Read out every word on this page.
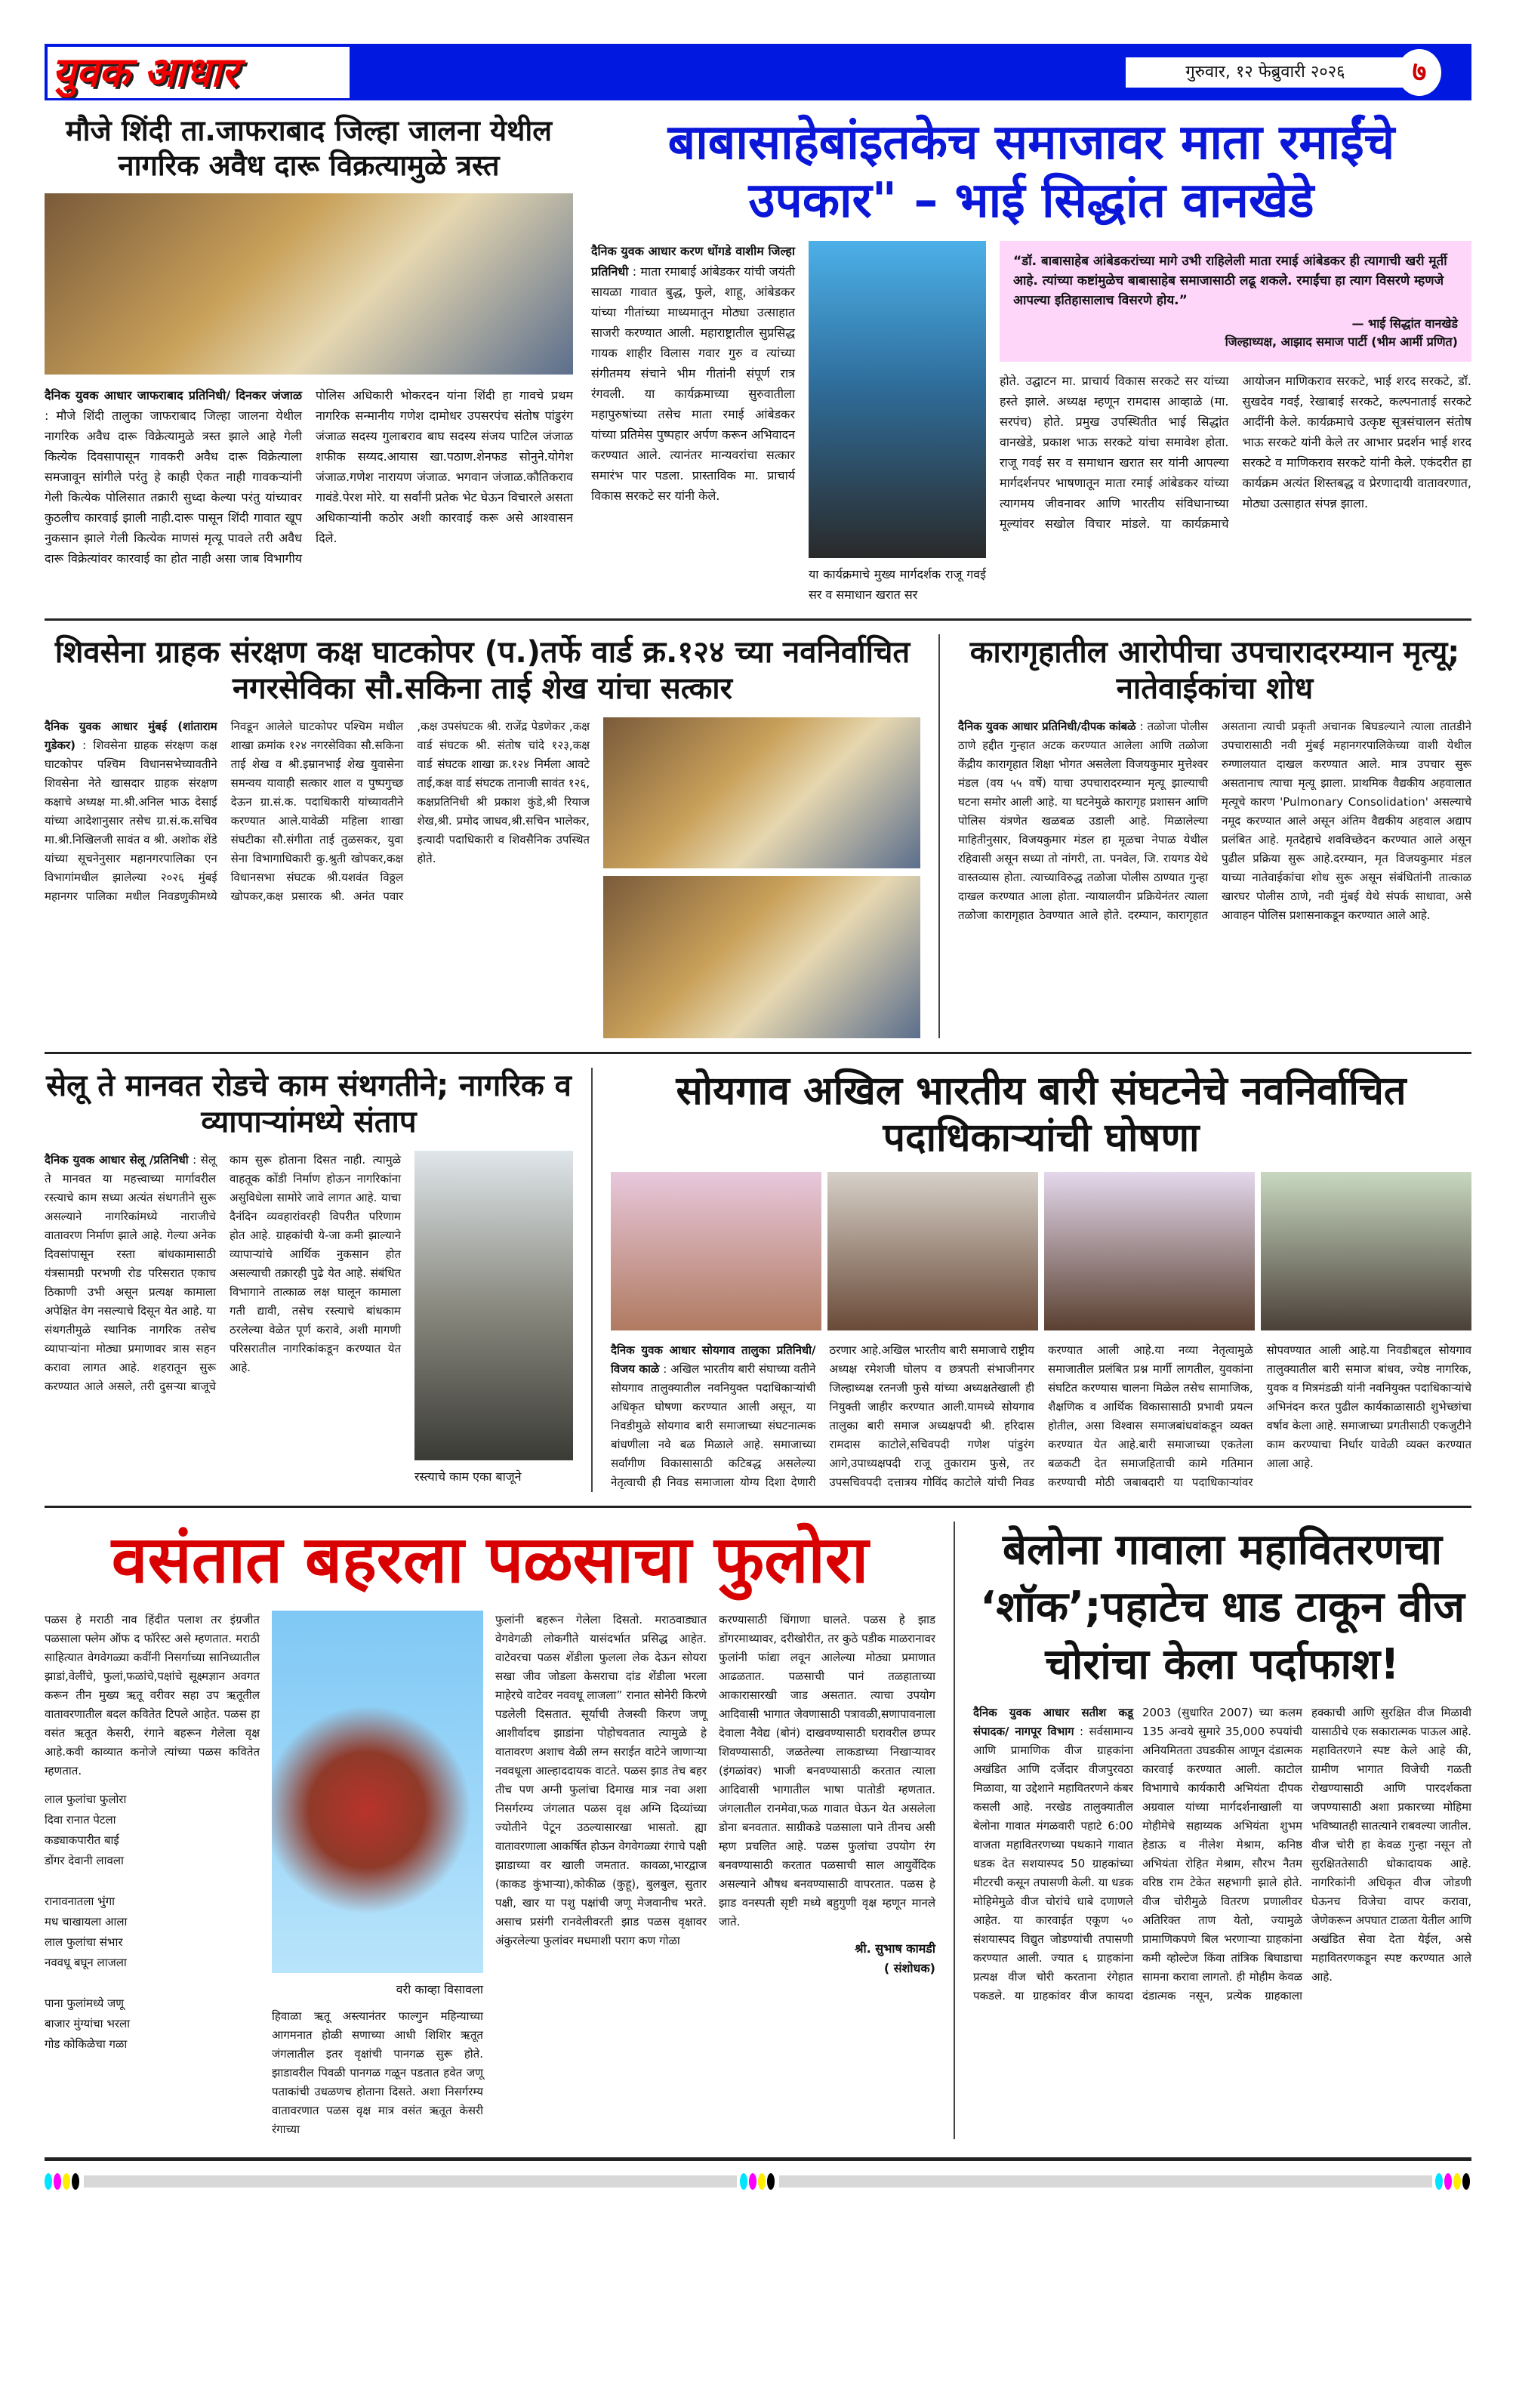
युवक आधार	गुरुवार, १२ फेब्रुवारी २०२६	७
मौजे शिंदी ता.जाफराबाद जिल्हा जालना येथील नागरिक अवैध दारू विक्रत्यामुळे त्रस्त
दैनिक युवक आधार जाफराबाद प्रतिनिधी/ दिनकर जंजाळ : मौजे शिंदी तालुका जाफराबाद जिल्हा जालना येथील नागरिक अवैध दारू विक्रेत्यामुळे त्रस्त झाले आहे गेली कित्येक दिवसापासून गावकरी अवैध दारू विक्रेत्याला समजावून सांगीले परंतु हे काही ऐकत नाही गावकऱ्यांनी गेली कित्येक पोलिसात तक्रारी सुध्दा केल्या परंतु यांच्यावर कुठलीच कारवाई झाली नाही.दारू पासून शिंदी गावात खूप नुकसान झाले गेली कित्येक माणसं मृत्यू पावले तरी अवैध दारू विक्रेत्यांवर कारवाई का होत नाही असा जाब विभागीय पोलिस अधिकारी भोकरदन यांना शिंदी हा गावचे प्रथम नागरिक सन्मानीय गणेश दामोधर उपसरपंच संतोष पांडुरंग जंजाळ सदस्य गुलाबराव बाघ सदस्य संजय पाटिल जंजाळ शफीक सय्यद.आयास खा.पठाण.शेनफड सोनुने.योगेश जंजाळ.गणेश नारायण जंजाळ. भगवान जंजाळ.कौतिकराव गावंडे.पेरश मोरे. या सर्वांनी प्रतेक भेट घेऊन विचारले असता अधिकाऱ्यांनी कठोर अशी कारवाई करू असे आश्वासन दिले.
बाबासाहेबांइतकेच समाजावर माता रमाईंचे उपकार" – भाई सिद्धांत वानखेडे
दैनिक युवक आधार करण धोंगडे वाशीम जिल्हा प्रतिनिधी : माता रमाबाई आंबेडकर यांची जयंती सायळा गावात बुद्ध, फुले, शाहू, आंबेडकर यांच्या गीतांच्या माध्यमातून मोठ्या उत्साहात साजरी करण्यात आली. महाराष्ट्रातील सुप्रसिद्ध गायक शाहीर विलास गवार गुरु व त्यांच्या संगीतमय संचाने भीम गीतांनी संपूर्ण रात्र रंगवली. या कार्यक्रमाच्या सुरुवातीला महापुरुषांच्या तसेच माता रमाई आंबेडकर यांच्या प्रतिमेस पुष्पहार अर्पण करून अभिवादन करण्यात आले. त्यानंतर मान्यवरांचा सत्कार समारंभ पार पडला. प्रास्ताविक मा. प्राचार्य विकास सरकटे सर यांनी केले.
या कार्यक्रमाचे मुख्य मार्गदर्शक राजू गवई सर व समाधान खरात सर
“डॉ. बाबासाहेब आंबेडकरांच्या मागे उभी राहिलेली माता रमाई आंबेडकर ही त्यागाची खरी मूर्ती आहे. त्यांच्या कष्टांमुळेच बाबासाहेब समाजासाठी लढू शकले. रमाईंचा हा त्याग विसरणे म्हणजे आपल्या इतिहासालाच विसरणे होय.”
— भाई सिद्धांत वानखेडे
जिल्हाध्यक्ष, आझाद समाज पार्टी (भीम आर्मी प्रणित)
होते. उद्घाटन मा. प्राचार्य विकास सरकटे सर यांच्या हस्ते झाले. अध्यक्ष म्हणून रामदास आव्हाळे (मा. सरपंच) होते. प्रमुख उपस्थितीत भाई सिद्धांत वानखेडे, प्रकाश भाऊ सरकटे यांचा समावेश होता. राजू गवई सर व समाधान खरात सर यांनी आपल्या मार्गदर्शनपर भाषणातून माता रमाई आंबेडकर यांच्या त्यागमय जीवनावर आणि भारतीय संविधानाच्या मूल्यांवर सखोल विचार मांडले. या कार्यक्रमाचे आयोजन माणिकराव सरकटे, भाई शरद सरकटे, डॉ. सुखदेव गवई, रेखाबाई सरकटे, कल्पनाताई सरकटे आदींनी केले. कार्यक्रमाचे उत्कृष्ट सूत्रसंचालन संतोष भाऊ सरकटे यांनी केले तर आभार प्रदर्शन भाई शरद सरकटे व माणिकराव सरकटे यांनी केले. एकंदरीत हा कार्यक्रम अत्यंत शिस्तबद्ध व प्रेरणादायी वातावरणात, मोठ्या उत्साहात संपन्न झाला.
शिवसेना ग्राहक संरक्षण कक्ष घाटकोपर (प.)तर्फे वार्ड क्र.१२४ च्या नवनिर्वाचित नगरसेविका सौ.सकिना ताई शेख यांचा सत्कार
दैनिक युवक आधार मुंबई (शांताराम गुडेकर) : शिवसेना ग्राहक संरक्षण कक्ष घाटकोपर पश्चिम विधानसभेच्यावतीने शिवसेना नेते खासदार ग्राहक संरक्षण कक्षाचे अध्यक्ष मा.श्री.अनिल भाऊ देसाई यांच्या आदेशानुसार तसेच ग्रा.सं.क.सचिव मा.श्री.निखिलजी सावंत व श्री. अशोक शेंडे यांच्या सूचनेनुसार महानगरपालिका एन विभागांमधील झालेल्या २०२६ मुंबई महानगर पालिका मधील निवडणुकीमध्ये निवडून आलेले घाटकोपर पश्चिम मधील शाखा क्रमांक १२४ नगरसेविका सौ.सकिना ताई शेख व श्री.इम्रानभाई शेख युवासेना समन्वय यावाही सत्कार शाल व पुष्पगुच्छ देऊन ग्रा.सं.क. पदाधिकारी यांच्यावतीने करण्यात आले.यावेळी महिला शाखा संघटीका सौ.संगीता ताई तुळसकर, युवा सेना विभागाधिकारी कु.श्रुती खोपकर,कक्ष विधानसभा संघटक श्री.यशवंत विठ्ठल खोपकर,कक्ष प्रसारक श्री. अनंत पवार ,कक्ष उपसंघटक श्री. राजेंद्र पेडणेकर ,कक्ष वार्ड संघटक श्री. संतोष चांदे १२३,कक्ष वार्ड संघटक शाखा क्र.१२४ निर्मला आवटे ताई,कक्ष वार्ड संघटक तानाजी सावंत १२६, कक्षप्रतिनिधी श्री प्रकाश कुंडे,श्री रियाज शेख,श्री. प्रमोद जाधव,श्री.सचिन भालेकर, इत्यादी पदाधिकारी व शिवसैनिक उपस्थित होते.
कारागृहातील आरोपीचा उपचारादरम्यान मृत्यू; नातेवाईकांचा शोध
दैनिक युवक आधार प्रतिनिधी/दीपक कांबळे : तळोजा पोलीस ठाणे हद्दीत गुन्हात अटक करण्यात आलेला आणि तळोजा केंद्रीय कारागृहात शिक्षा भोगत असलेला विजयकुमार मुत्तेश्वर मंडल (वय ५५ वर्षे) याचा उपचारादरम्यान मृत्यू झाल्याची घटना समोर आली आहे. या घटनेमुळे कारागृह प्रशासन आणि पोलिस यंत्रणेत खळबळ उडाली आहे. मिळालेल्या माहितीनुसार, विजयकुमार मंडल हा मूळचा नेपाळ येथील रहिवासी असून सध्या तो नांगरी, ता. पनवेल, जि. रायगड येथे वास्तव्यास होता. त्याच्याविरुद्ध तळोजा पोलीस ठाण्यात गुन्हा दाखल करण्यात आला होता. न्यायालयीन प्रक्रियेनंतर त्याला तळोजा कारागृहात ठेवण्यात आले होते. दरम्यान, कारागृहात असताना त्याची प्रकृती अचानक बिघडल्याने त्याला तातडीने उपचारासाठी नवी मुंबई महानगरपालिकेच्या वाशी येथील रुग्णालयात दाखल करण्यात आले. मात्र उपचार सुरू असतानाच त्याचा मृत्यू झाला. प्राथमिक वैद्यकीय अहवालात मृत्यूचे कारण 'Pulmonary Consolidation' असल्याचे नमूद करण्यात आले असून अंतिम वैद्यकीय अहवाल अद्याप प्रलंबित आहे. मृतदेहाचे शवविच्छेदन करण्यात आले असून पुढील प्रक्रिया सुरू आहे.दरम्यान, मृत विजयकुमार मंडल याच्या नातेवाईकांचा शोध सुरू असून संबंधितांनी तात्काळ खारघर पोलीस ठाणे, नवी मुंबई येथे संपर्क साधावा, असे आवाहन पोलिस प्रशासनाकडून करण्यात आले आहे.
सेलू ते मानवत रोडचे काम संथगतीने; नागरिक व व्यापाऱ्यांमध्ये संताप
दैनिक युवक आधार सेलू /प्रतिनिधी : सेलू ते मानवत या महत्त्वाच्या मार्गावरील रस्त्याचे काम सध्या अत्यंत संथगतीने सुरू असल्याने नागरिकांमध्ये नाराजीचे वातावरण निर्माण झाले आहे. गेल्या अनेक दिवसांपासून रस्ता बांधकामासाठी यंत्रसामग्री परभणी रोड परिसरात एकाच ठिकाणी उभी असून प्रत्यक्ष कामाला अपेक्षित वेग नसल्याचे दिसून येत आहे. या संथगतीमुळे स्थानिक नागरिक तसेच व्यापाऱ्यांना मोठ्या प्रमाणावर त्रास सहन करावा लागत आहे. शहरातून सुरू करण्यात आले असले, तरी दुसऱ्या बाजूचे काम सुरू होताना दिसत नाही. त्यामुळे वाहतूक कोंडी निर्माण होऊन नागरिकांना असुविधेला सामोरे जावे लागत आहे. याचा दैनंदिन व्यवहारांवरही विपरीत परिणाम होत आहे. ग्राहकांची ये-जा कमी झाल्याने व्यापाऱ्यांचे आर्थिक नुकसान होत असल्याची तक्रारही पुढे येत आहे. संबंधित विभागाने तात्काळ लक्ष घालून कामाला गती द्यावी, तसेच रस्त्याचे बांधकाम ठरलेल्या वेळेत पूर्ण करावे, अशी मागणी परिसरातील नागरिकांकडून करण्यात येत आहे.
रस्त्याचे काम एका बाजूने
सोयगाव अखिल भारतीय बारी संघटनेचे नवनिर्वाचित पदाधिकाऱ्यांची घोषणा
दैनिक युवक आधार सोयगाव तालुका प्रतिनिधी/ विजय काळे : अखिल भारतीय बारी संघाच्या वतीने सोयगाव तालुक्यातील नवनियुक्त पदाधिकाऱ्यांची अधिकृत घोषणा करण्यात आली असून, या निवडीमुळे सोयगाव बारी समाजाच्या संघटनात्मक बांधणीला नवे बळ मिळाले आहे. समाजाच्या सर्वांगीण विकासासाठी कटिबद्ध असलेल्या नेतृत्वाची ही निवड समाजाला योग्य दिशा देणारी ठरणार आहे.अखिल भारतीय बारी समाजाचे राष्ट्रीय अध्यक्ष रमेशजी घोलप व छत्रपती संभाजीनगर जिल्हाध्यक्ष रतनजी फुसे यांच्या अध्यक्षतेखाली ही नियुक्ती जाहीर करण्यात आली.यामध्ये सोयगाव तालुका बारी समाज अध्यक्षपदी श्री. हरिदास रामदास काटोले,सचिवपदी गणेश पांडुरंग आगे,उपाध्यक्षपदी राजू तुकाराम फुसे, तर उपसचिवपदी दत्तात्रय गोविंद काटोले यांची निवड करण्यात आली आहे.या नव्या नेतृत्वामुळे समाजातील प्रलंबित प्रश्न मार्गी लागतील, युवकांना संघटित करण्यास चालना मिळेल तसेच सामाजिक, शैक्षणिक व आर्थिक विकासासाठी प्रभावी प्रयत्न होतील, असा विश्वास समाजबांधवांकडून व्यक्त करण्यात येत आहे.बारी समाजाच्या एकतेला बळकटी देत समाजहिताची कामे गतिमान करण्याची मोठी जबाबदारी या पदाधिकाऱ्यांवर सोपवण्यात आली आहे.या निवडीबद्दल सोयगाव तालुक्यातील बारी समाज बांधव, ज्येष्ठ नागरिक, युवक व मित्रमंडळी यांनी नवनियुक्त पदाधिकाऱ्यांचे अभिनंदन करत पुढील कार्यकाळासाठी शुभेच्छांचा वर्षाव केला आहे. समाजाच्या प्रगतीसाठी एकजुटीने काम करण्याचा निर्धार यावेळी व्यक्त करण्यात आला आहे.
वसंतात बहरला पळसाचा फुलोरा
पळस हे मराठी नाव हिंदीत पलाश तर इंग्रजीत पळसाला फ्लेम ऑफ द फॉरेस्ट असे म्हणतात. मराठी साहित्यात वेगवेगळ्या कवींनी निसर्गाच्या सानिध्यातील झाडां,वेलींचे, फुलां,फळांचे,पक्षांचे सूक्ष्मज्ञान अवगत करून तीन मुख्य ऋतू वरीवर सहा उप ऋतूतील वातावरणातील बदल कवितेत टिपले आहेत. पळस हा वसंत ऋतूत केसरी, रंगाने बहरून गेलेला वृक्ष आहे.कवी काव्यात कनोजे त्यांच्या पळस कवितेत म्हणतात.
लाल फुलांचा फुलोरा
दिवा रानात पेटला
कड्याकपारीत बाई
डोंगर देवानी लावला
रानावनातला भुंगा
मध चाखायला आला
लाल फुलांचा संभार
नववधू बघून लाजला
पाना फुलांमध्ये जणू
बाजार मुंग्यांचा भरला
गोड कोकिळेचा गळा
वरी काव्हा विसावला
हिवाळा ऋतू अस्त्यानंतर फाल्गुन महिन्याच्या आगमनात होळी सणाच्या आधी शिशिर ऋतूत जंगलातील इतर वृक्षांची पानगळ सुरू होते. झाडावरील पिवळी पानगळ गळून पडतात हवेत जणू पताकांची उधळणच होताना दिसते. अशा निसर्गरम्य वातावरणात पळस वृक्ष मात्र वसंत ऋतूत केसरी रंगाच्या
फुलांनी बहरून गेलेला दिसतो. मराठवाड्यात वेगवेगळी लोकगीते यासंदर्भात प्रसिद्ध आहेत. वाटेवरचा पळस शेंडीला फुलला लेक देऊन सोयरा सखा जीव जोडला केसराचा दांड शेंडीला भरला माहेरचे वाटेवर नववधू लाजला” रानात सोनेरी किरणे पडलेली दिसतात. सूर्याची तेजस्वी किरण जणू आशीर्वादच झाडांना पोहोचवतात त्यामुळे हे वातावरण अशाच वेळी लग्न सराईत वाटेने जाणाऱ्या नववधूला आल्हाददायक वाटते. पळस झाड तेच बहर तीच पण अग्नी फुलांचा दिमाख मात्र नवा अशा निसर्गरम्य जंगलात पळस वृक्ष अग्नि दिव्यांच्या ज्योतीने पेटून उठल्यासारखा भासतो. ह्या वातावरणाला आकर्षित होऊन वेगवेगळ्या रंगाचे पक्षी झाडाच्या वर खाली जमतात. कावळा,भारद्वाज (काकड कुंभाऱ्या),कोकीळ (कुहू), बुलबुल, सुतार पक्षी, खार या पशु पक्षांची जणू मेजवानीच भरते. असाच प्रसंगी रानवेलीवरती झाड पळस वृक्षावर अंकुरलेल्या फुलांवर मधमाशी पराग कण गोळा
करण्यासाठी धिंगाणा घालते. पळस हे झाड डोंगरमाथ्यावर, दरीखोरीत, तर कुठे पडीक माळरानावर फुलांनी फांद्या लवून आलेल्या मोठ्या प्रमाणात आढळतात. पळसाची पानं तळहाताच्या आकारासारखी जाड असतात. त्याचा उपयोग आदिवासी भागात जेवणासाठी पत्रावळी,सणापावनाला देवाला नैवेद्य (बोनं) दाखवण्यासाठी घरावरील छप्पर शिवण्यासाठी, जळतेल्या लाकडाच्या निखाऱ्यावर (इंगळांवर) भाजी बनवण्यासाठी करतात त्याला आदिवासी भागातील भाषा पातोडी म्हणतात. जंगलातील रानमेवा,फळ गावात घेऊन येत असलेला डोना बनवतात. साग्रीकडे पळसाला पाने तीनच असी म्हण प्रचलित आहे. पळस फुलांचा उपयोग रंग बनवण्यासाठी करतात पळसाची साल आयुर्वेदिक असल्याने औषध बनवण्यासाठी वापरतात. पळस हे झाड वनस्पती सृष्टी मध्ये बहुगुणी वृक्ष म्हणून मानले जाते.
श्री. सुभाष कामडी
( संशोधक)
बेलोना गावाला महावितरणचा ‘शॉक’;पहाटेच धाड टाकून वीज चोरांचा केला पर्दाफाश!
दैनिक युवक आधार सतीश कडू संपादक/ नागपूर विभाग : सर्वसामान्य आणि प्रामाणिक वीज ग्राहकांना अखंडित आणि दर्जेदार वीजपुरवठा मिळावा, या उद्देशाने महावितरणने कंबर कसली आहे. नरखेड तालुक्यातील बेलोना गावात मंगळवारी पहाटे 6:00 वाजता महावितरणच्या पथकाने गावात धडक देत सशयास्पद 50 ग्राहकांच्या मीटरची कसून तपासणी केली. या धडक मोहिमेमुळे वीज चोरांचे धाबे दणाणले आहेत. या कारवाईत एकूण ५० संशयास्पद विद्युत जोडण्यांची तपासणी करण्यात आली. ज्यात ६ ग्राहकांना प्रत्यक्ष वीज चोरी करताना रंगेहात पकडले. या ग्राहकांवर वीज कायदा 2003 (सुधारित 2007) च्या कलम 135 अन्वये सुमारे 35,000 रुपयांची अनियमितता उघडकीस आणून दंडात्मक कारवाई करण्यात आली. काटोल विभागाचे कार्यकारी अभियंता दीपक अग्रवाल यांच्या मार्गदर्शनाखाली या मोहीमेचे सहाय्यक अभियंता शुभम हेडाऊ व नीलेश मेश्राम, कनिष्ठ अभियंता रोहित मेश्राम, सौरभ नैतम वरिष्ठ राम टेकेत सहभागी झाले होते. वीज चोरीमुळे वितरण प्रणालीवर अतिरिक्त ताण येतो, ज्यामुळे प्रामाणिकपणे बिल भरणाऱ्या ग्राहकांना कमी व्होल्टेज किंवा तांत्रिक बिघाडाचा सामना करावा लागतो. ही मोहीम केवळ दंडात्मक नसून, प्रत्येक ग्राहकाला हक्काची आणि सुरक्षित वीज मिळावी यासाठीचे एक सकारात्मक पाऊल आहे. महावितरणने स्पष्ट केले आहे की, ग्रामीण भागात विजेची गळती रोखण्यासाठी आणि पारदर्शकता जपण्यासाठी अशा प्रकारच्या मोहिमा भविष्यातही सातत्याने राबवल्या जातील. वीज चोरी हा केवळ गुन्हा नसून तो सुरक्षिततेसाठी धोकादायक आहे. नागरिकांनी अधिकृत वीज जोडणी घेऊनच विजेचा वापर करावा, जेणेकरून अपघात टाळता येतील आणि अखंडित सेवा देता येईल, असे महावितरणकडून स्पष्ट करण्यात आले आहे.
